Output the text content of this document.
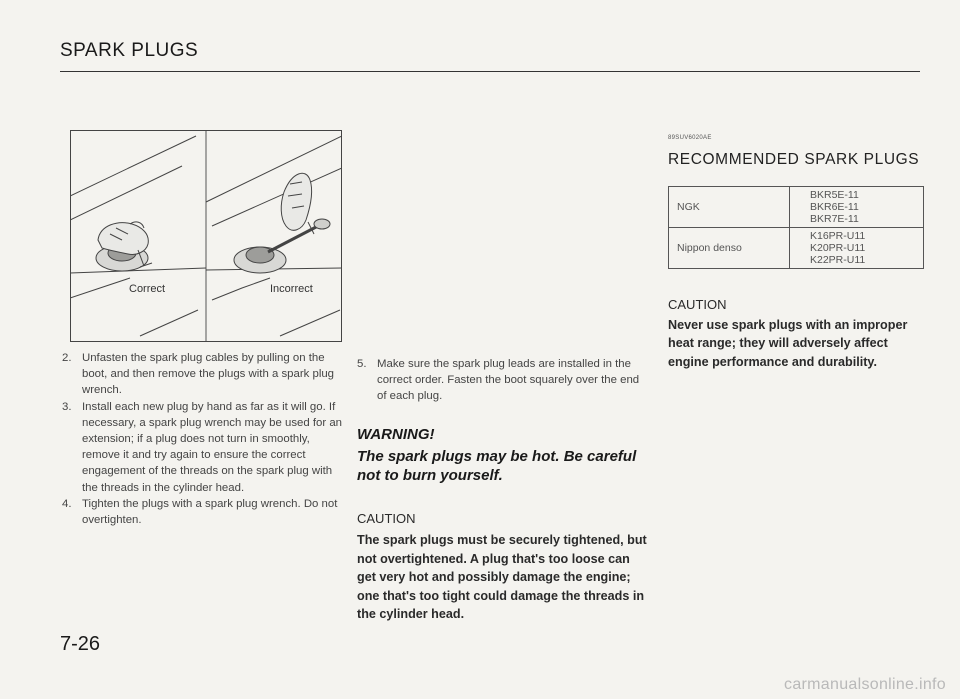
SPARK PLUGS
Correct	Incorrect
2. Unfasten the spark plug cables by pulling on the boot, and then remove the plugs with a spark plug wrench.
3. Install each new plug by hand as far as it will go. If necessary, a spark plug wrench may be used for an extension; if a plug does not turn in smoothly, remove it and try again to ensure the correct engagement of the threads on the spark plug with the threads in the cylinder head.
4. Tighten the plugs with a spark plug wrench. Do not overtighten.
5. Make sure the spark plug leads are installed in the correct order. Fasten the boot squarely over the end of each plug.
WARNING!
The spark plugs may be hot. Be careful not to burn yourself.
CAUTION
The spark plugs must be securely tightened, but not overtightened. A plug that's too loose can get very hot and possibly damage the engine; one that's too tight could damage the threads in the cylinder head.
89SUV6020AE
RECOMMENDED SPARK PLUGS
NGK	BKR5E-11
BKR6E-11
BKR7E-11

Nippon denso	K16PR-U11
K20PR-U11
K22PR-U11
CAUTION
Never use spark plugs with an improper heat range; they will adversely affect engine performance and durability.
7-26
carmanualsonline.info
